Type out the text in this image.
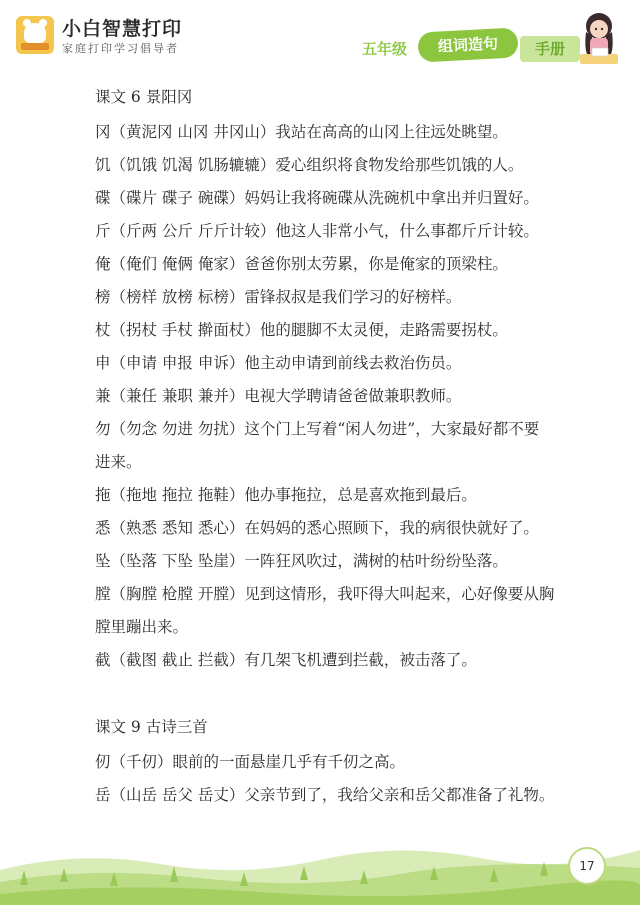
小白智慧打印
家庭打印学习倡导者	五年级	组词造句	手册
课文 6 景阳冈
冈（黄泥冈 山冈 井冈山）我站在高高的山冈上往远处眺望。
饥（饥饿 饥渴 饥肠辘辘）爱心组织将食物发给那些饥饿的人。
碟（碟片 碟子 碗碟）妈妈让我将碗碟从洗碗机中拿出并归置好。
斤（斤两 公斤 斤斤计较）他这人非常小气，什么事都斤斤计较。
俺（俺们 俺俩 俺家）爸爸你别太劳累，你是俺家的顶梁柱。
榜（榜样 放榜 标榜）雷锋叔叔是我们学习的好榜样。
杖（拐杖 手杖 擀面杖）他的腿脚不太灵便，走路需要拐杖。
申（申请 申报 申诉）他主动申请到前线去救治伤员。
兼（兼任 兼职 兼并）电视大学聘请爸爸做兼职教师。
勿（勿念 勿进 勿扰）这个门上写着“闲人勿进”，大家最好都不要
进来。
拖（拖地 拖拉 拖鞋）他办事拖拉，总是喜欢拖到最后。
悉（熟悉 悉知 悉心）在妈妈的悉心照顾下，我的病很快就好了。
坠（坠落 下坠 坠崖）一阵狂风吹过，满树的枯叶纷纷坠落。
膛（胸膛 枪膛 开膛）见到这情形，我吓得大叫起来，心好像要从胸
膛里蹦出来。
截（截图 截止 拦截）有几架飞机遭到拦截，被击落了。
课文 9 古诗三首
仞（千仞）眼前的一面悬崖几乎有千仞之高。
岳（山岳 岳父 岳丈）父亲节到了，我给父亲和岳父都准备了礼物。
17
